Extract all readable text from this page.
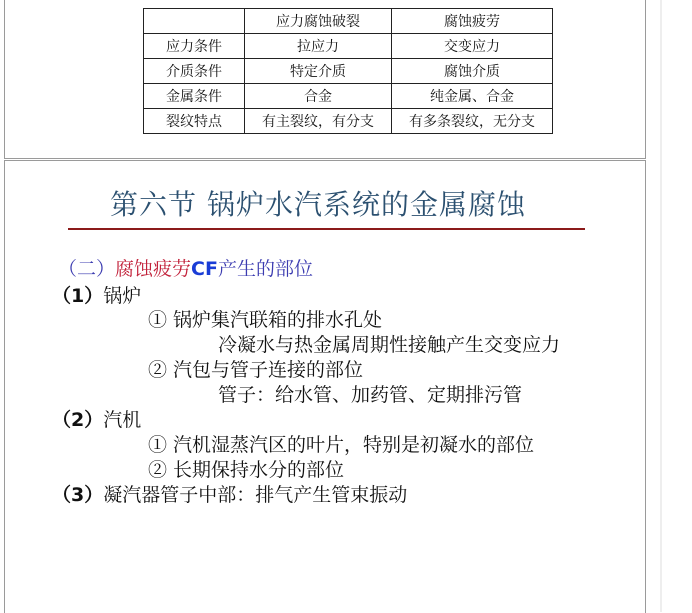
	应力腐蚀破裂	腐蚀疲劳
应力条件	拉应力	交变应力
介质条件	特定介质	腐蚀介质
金属条件	合金	纯金属、合金
裂纹特点	有主裂纹，有分支	有多条裂纹，无分支
第六节 锅炉水汽系统的金属腐蚀
（二）腐蚀疲劳CF产生的部位
（1）锅炉
① 锅炉集汽联箱的排水孔处
冷凝水与热金属周期性接触产生交变应力
② 汽包与管子连接的部位
管子：给水管、加药管、定期排污管
（2）汽机
① 汽机湿蒸汽区的叶片，特别是初凝水的部位
② 长期保持水分的部位
（3）凝汽器管子中部：排气产生管束振动
